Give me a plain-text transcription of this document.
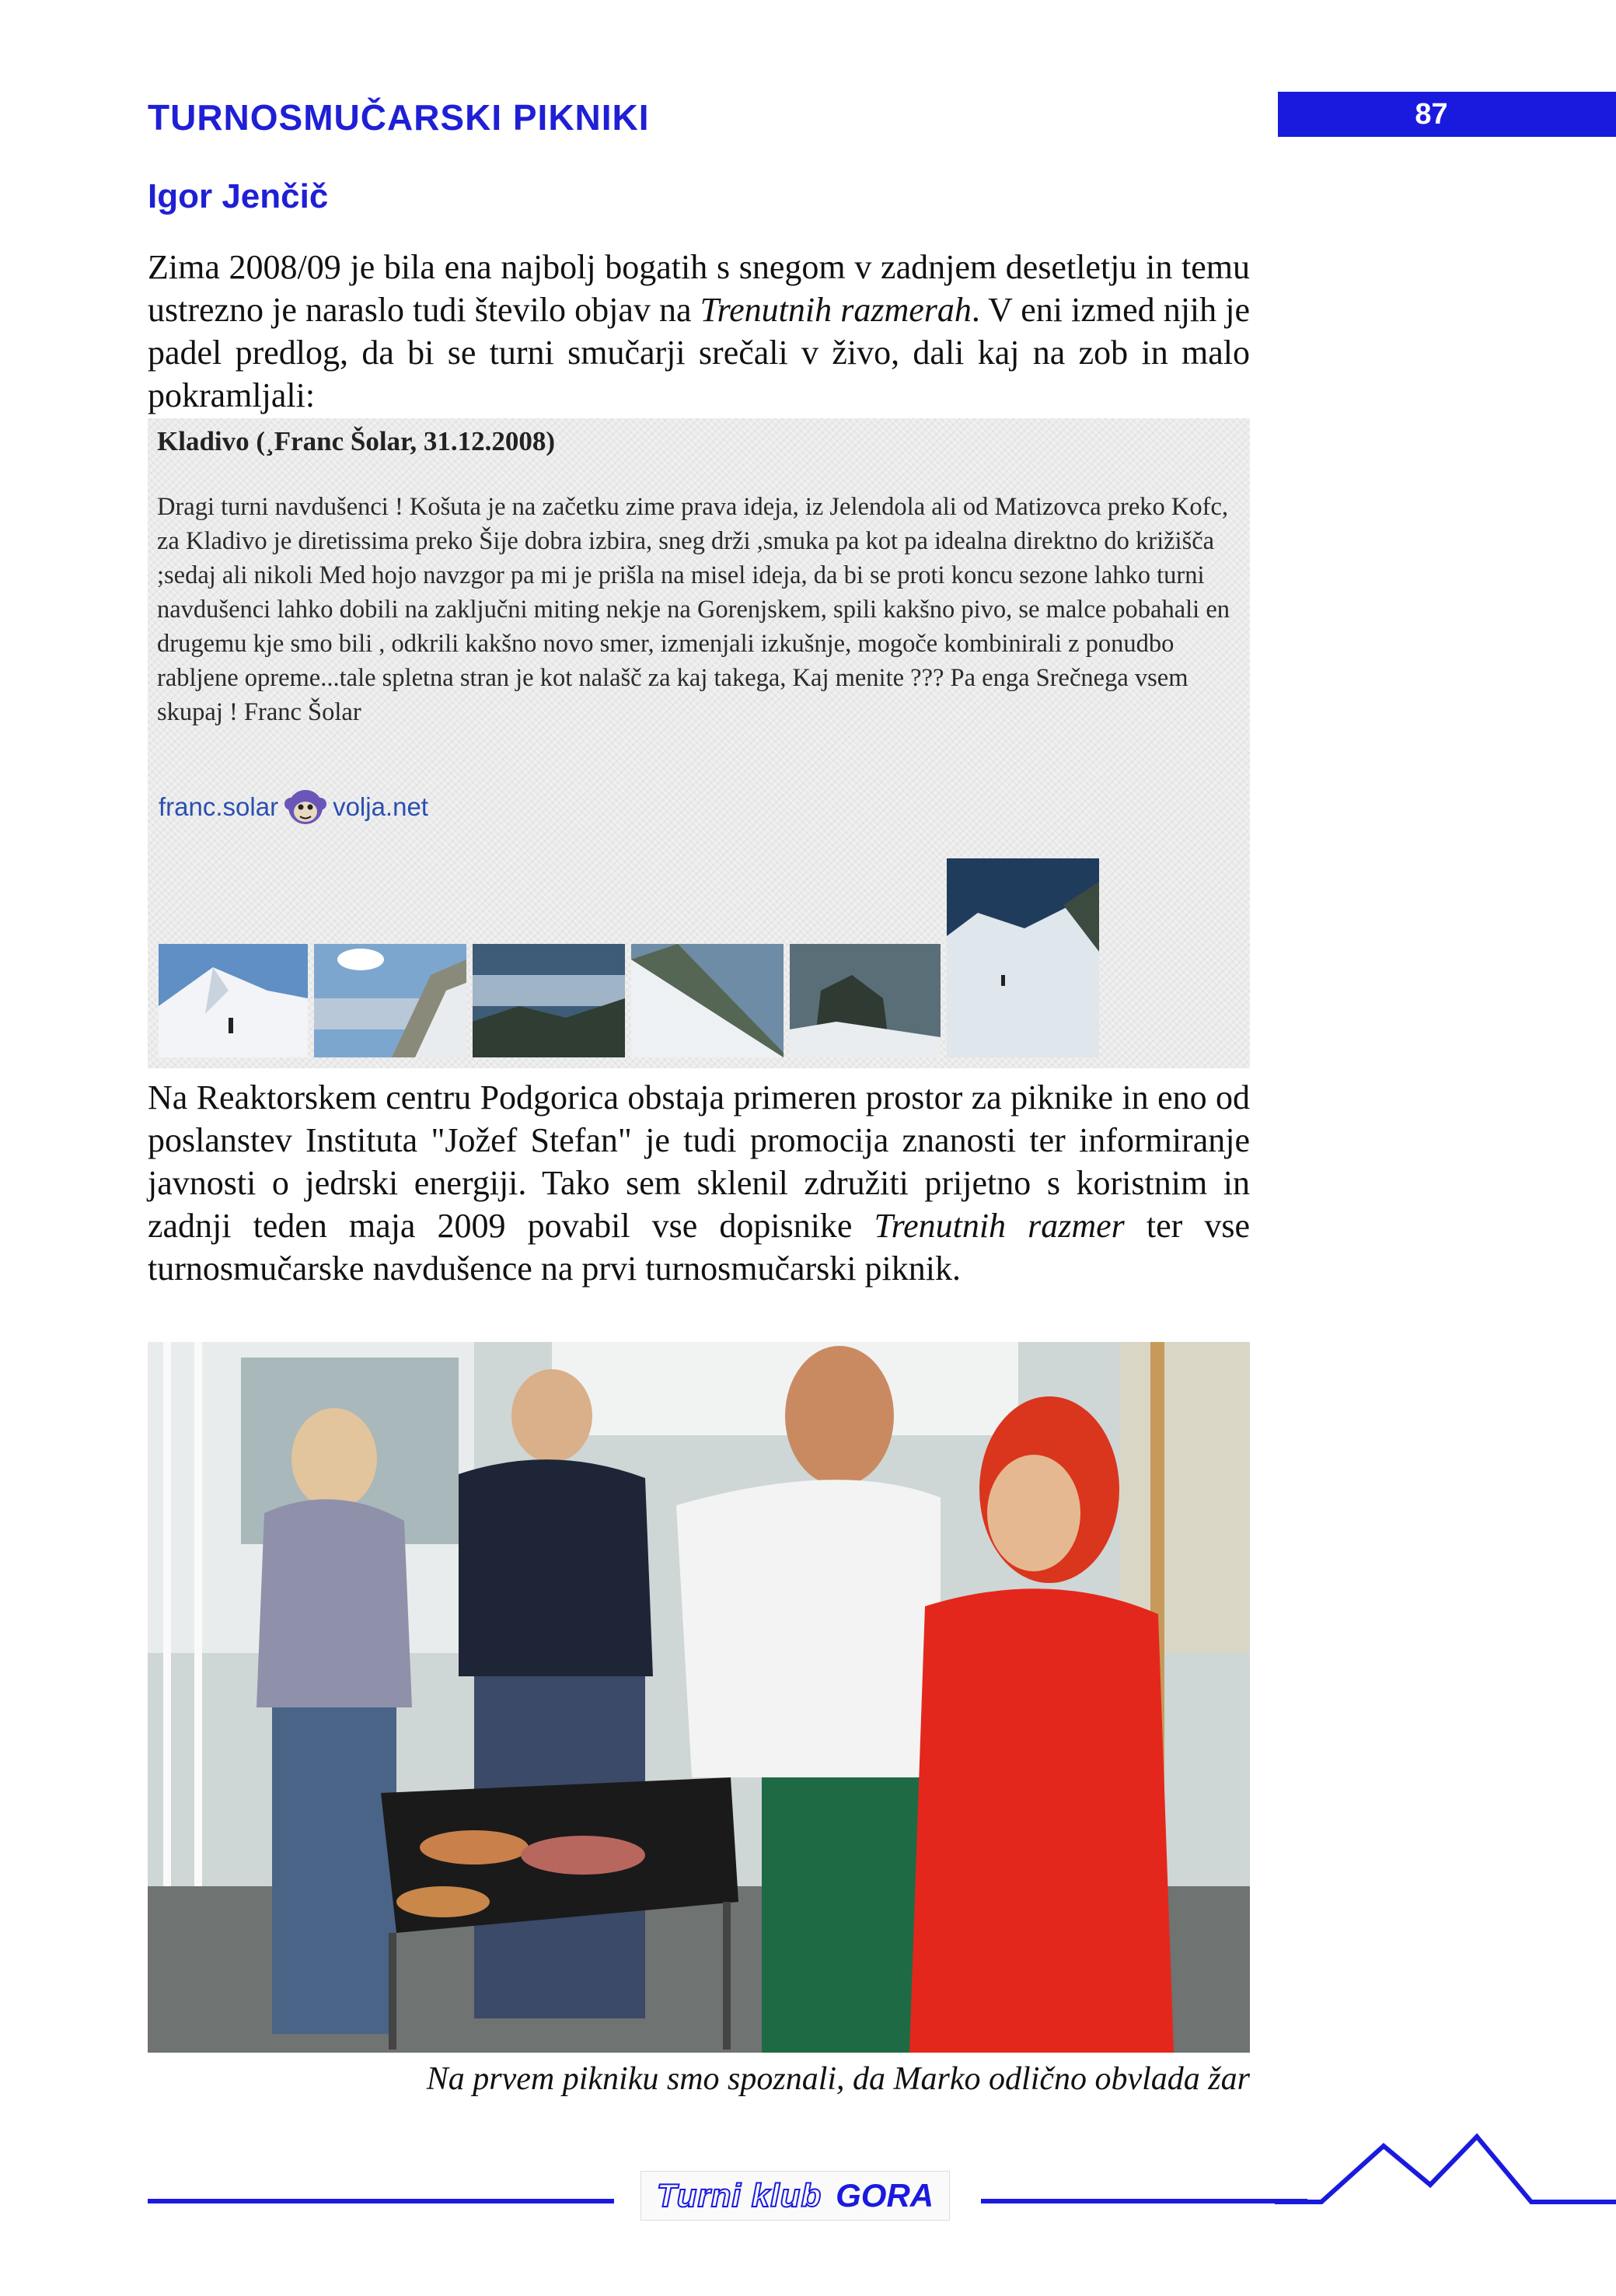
TURNOSMUČARSKI PIKNIKI	87
Igor Jenčič

Zima 2008/09 je bila ena najbolj bogatih s snegom v zadnjem desetletju in temu ustrezno je naraslo tudi število objav na Trenutnih razmerah. V eni izmed njih je padel predlog, da bi se turni smučarji srečali v živo, dali kaj na zob in malo pokramljali:

Kladivo (¸Franc Šolar, 31.12.2008)

Dragi turni navdušenci ! Košuta je na začetku zime prava ideja, iz Jelendola ali od Matizovca preko Kofc, za Kladivo je diretissima preko Šije dobra izbira, sneg drži ,smuka pa kot pa idealna direktno do križišča ;sedaj ali nikoli Med hojo navzgor pa mi je prišla na misel ideja, da bi se proti koncu sezone lahko turni navdušenci lahko dobili na zaključni miting nekje na Gorenjskem, spili kakšno pivo, se malce pobahali en drugemu kje smo bili , odkrili kakšno novo smer, izmenjali izkušnje, mogoče kombinirali z ponudbo rabljene opreme...tale spletna stran je kot nalašč za kaj takega, Kaj menite ??? Pa enga Srečnega vsem skupaj ! Franc Šolar

franc.solar volja.net

Na Reaktorskem centru Podgorica obstaja primeren prostor za piknike in eno od poslanstev Instituta "Jožef Stefan" je tudi promocija znanosti ter informiranje javnosti o jedrski energiji. Tako sem sklenil združiti prijetno s koristnim in zadnji teden maja 2009 povabil vse dopisnike Trenutnih razmer ter vse turnosmučarske navdušence na prvi turnosmučarski piknik.

Na prvem pikniku smo spoznali, da Marko odlično obvlada žar

Turni klub GORA
